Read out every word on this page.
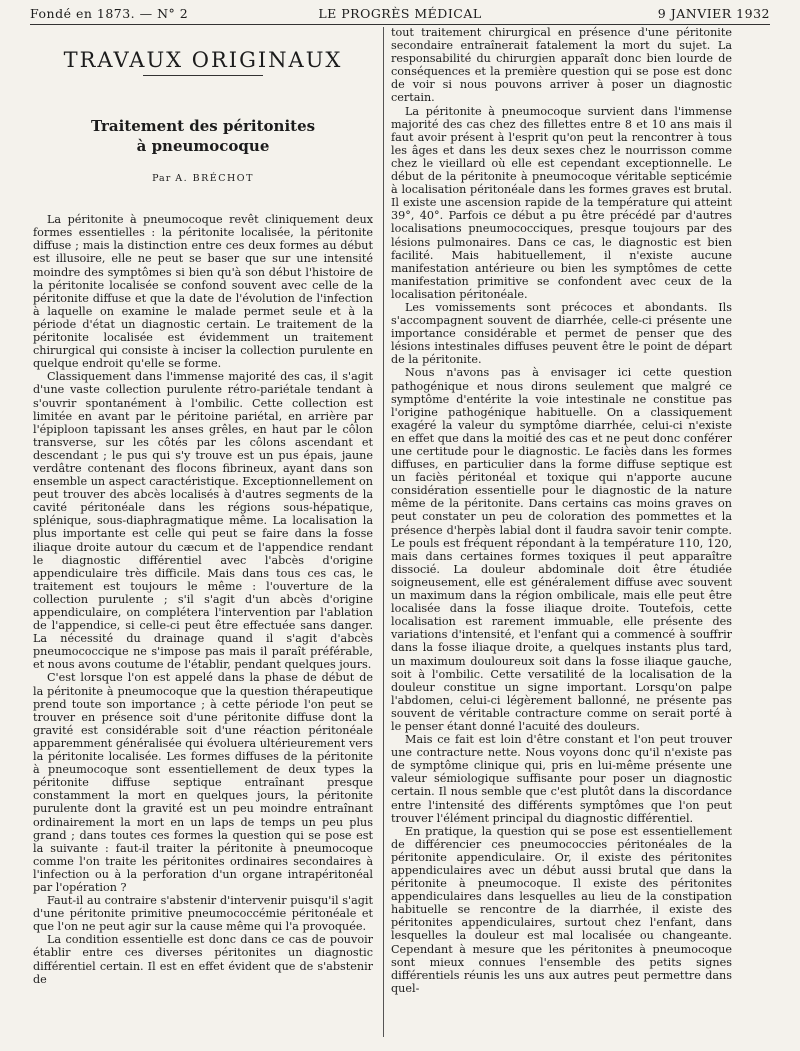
Fondé en 1873. — N° 2	LE PROGRÈS MÉDICAL	9 JANVIER 1932
TRAVAUX ORIGINAUX
Traitement des péritonites
à pneumocoque
Par A. BRÉCHOT

La péritonite à pneumocoque revêt cliniquement deux formes essentielles : la péritonite localisée, la péritonite diffuse ; mais la distinction entre ces deux formes au début est illusoire, elle ne peut se baser que sur une intensité moindre des symptômes si bien qu'à son début l'histoire de la péritonite localisée se confond souvent avec celle de la péritonite diffuse et que la date de l'évolution de l'infection à laquelle on examine le malade permet seule et à la période d'état un diagnostic certain. Le traitement de la péritonite localisée est évidemment un traitement chirurgical qui consiste à inciser la collection purulente en quelque endroit qu'elle se forme.

Classiquement dans l'immense majorité des cas, il s'agit d'une vaste collection purulente rétro-pariétale tendant à s'ouvrir spontanément à l'ombilic. Cette collection est limitée en avant par le péritoine pariétal, en arrière par l'épiploon tapissant les anses grêles, en haut par le côlon transverse, sur les côtés par les côlons ascendant et descendant ; le pus qui s'y trouve est un pus épais, jaune verdâtre contenant des flocons fibrineux, ayant dans son ensemble un aspect caractéristique. Exceptionnellement on peut trouver des abcès localisés à d'autres segments de la cavité péritonéale dans les régions sous-hépatique, splénique, sous-diaphragmatique même. La localisation la plus importante est celle qui peut se faire dans la fosse iliaque droite autour du cæcum et de l'appendice rendant le diagnostic différentiel avec l'abcès d'origine appendiculaire très difficile. Mais dans tous ces cas, le traitement est toujours le même : l'ouverture de la collection purulente ; s'il s'agit d'un abcès d'origine appendiculaire, on complétera l'intervention par l'ablation de l'appendice, si celle-ci peut être effectuée sans danger. La nécessité du drainage quand il s'agit d'abcès pneumococcique ne s'impose pas mais il paraît préférable, et nous avons coutume de l'établir, pendant quelques jours.

C'est lorsque l'on est appelé dans la phase de début de la péritonite à pneumocoque que la question thérapeutique prend toute son importance ; à cette période l'on peut se trouver en présence soit d'une péritonite diffuse dont la gravité est considérable soit d'une réaction péritonéale apparemment généralisée qui évoluera ultérieurement vers la péritonite localisée. Les formes diffuses de la péritonite à pneumocoque sont essentiellement de deux types la péritonite diffuse septique entraînant presque constamment la mort en quelques jours, la péritonite purulente dont la gravité est un peu moindre entraînant ordinairement la mort en un laps de temps un peu plus grand ; dans toutes ces formes la question qui se pose est la suivante : faut-il traiter la péritonite à pneumocoque comme l'on traite les péritonites ordinaires secondaires à l'infection ou à la perforation d'un organe intrapéritonéal par l'opération ?

Faut-il au contraire s'abstenir d'intervenir puisqu'il s'agit d'une péritonite primitive pneumococcémie péritonéale et que l'on ne peut agir sur la cause même qui l'a provoquée.

La condition essentielle est donc dans ce cas de pouvoir établir entre ces diverses péritonites un diagnostic différentiel certain. Il est en effet évident que de s'abstenir de

tout traitement chirurgical en présence d'une péritonite secondaire entraînerait fatalement la mort du sujet. La responsabilité du chirurgien apparaît donc bien lourde de conséquences et la première question qui se pose est donc de voir si nous pouvons arriver à poser un diagnostic certain.

La péritonite à pneumocoque survient dans l'immense majorité des cas chez des fillettes entre 8 et 10 ans mais il faut avoir présent à l'esprit qu'on peut la rencontrer à tous les âges et dans les deux sexes chez le nourrisson comme chez le vieillard où elle est cependant exceptionnelle. Le début de la péritonite à pneumocoque véritable septicémie à localisation péritonéale dans les formes graves est brutal. Il existe une ascension rapide de la température qui atteint 39°, 40°. Parfois ce début a pu être précédé par d'autres localisations pneumococciques, presque toujours par des lésions pulmonaires. Dans ce cas, le diagnostic est bien facilité. Mais habituellement, il n'existe aucune manifestation antérieure ou bien les symptômes de cette manifestation primitive se confondent avec ceux de la localisation péritonéale.

Les vomissements sont précoces et abondants. Ils s'accompagnent souvent de diarrhée, celle-ci présente une importance considérable et permet de penser que des lésions intestinales diffuses peuvent être le point de départ de la péritonite.

Nous n'avons pas à envisager ici cette question pathogénique et nous dirons seulement que malgré ce symptôme d'entérite la voie intestinale ne constitue pas l'origine pathogénique habituelle. On a classiquement exagéré la valeur du symptôme diarrhée, celui-ci n'existe en effet que dans la moitié des cas et ne peut donc conférer une certitude pour le diagnostic. Le faciès dans les formes diffuses, en particulier dans la forme diffuse septique est un faciès péritonéal et toxique qui n'apporte aucune considération essentielle pour le diagnostic de la nature même de la péritonite. Dans certains cas moins graves on peut constater un peu de coloration des pommettes et la présence d'herpès labial dont il faudra savoir tenir compte. Le pouls est fréquent répondant à la température 110, 120, mais dans certaines formes toxiques il peut apparaître dissocié. La douleur abdominale doit être étudiée soigneusement, elle est généralement diffuse avec souvent un maximum dans la région ombilicale, mais elle peut être localisée dans la fosse iliaque droite. Toutefois, cette localisation est rarement immuable, elle présente des variations d'intensité, et l'enfant qui a commencé à souffrir dans la fosse iliaque droite, a quelques instants plus tard, un maximum douloureux soit dans la fosse iliaque gauche, soit à l'ombilic. Cette versatilité de la localisation de la douleur constitue un signe important. Lorsqu'on palpe l'abdomen, celui-ci légèrement ballonné, ne présente pas souvent de véritable contracture comme on serait porté à le penser étant donné l'acuité des douleurs.

Mais ce fait est loin d'être constant et l'on peut trouver une contracture nette. Nous voyons donc qu'il n'existe pas de symptôme clinique qui, pris en lui-même présente une valeur sémiologique suffisante pour poser un diagnostic certain. Il nous semble que c'est plutôt dans la discordance entre l'intensité des différents symptômes que l'on peut trouver l'élément principal du diagnostic différentiel.

En pratique, la question qui se pose est essentiellement de différencier ces pneumococcies péritonéales de la péritonite appendiculaire. Or, il existe des péritonites appendiculaires avec un début aussi brutal que dans la péritonite à pneumocoque. Il existe des péritonites appendiculaires dans lesquelles au lieu de la constipation habituelle se rencontre de la diarrhée, il existe des péritonites appendiculaires, surtout chez l'enfant, dans lesquelles la douleur est mal localisée ou changeante. Cependant à mesure que les péritonites à pneumocoque sont mieux connues l'ensemble des petits signes différentiels réunis les uns aux autres peut permettre dans quel-
